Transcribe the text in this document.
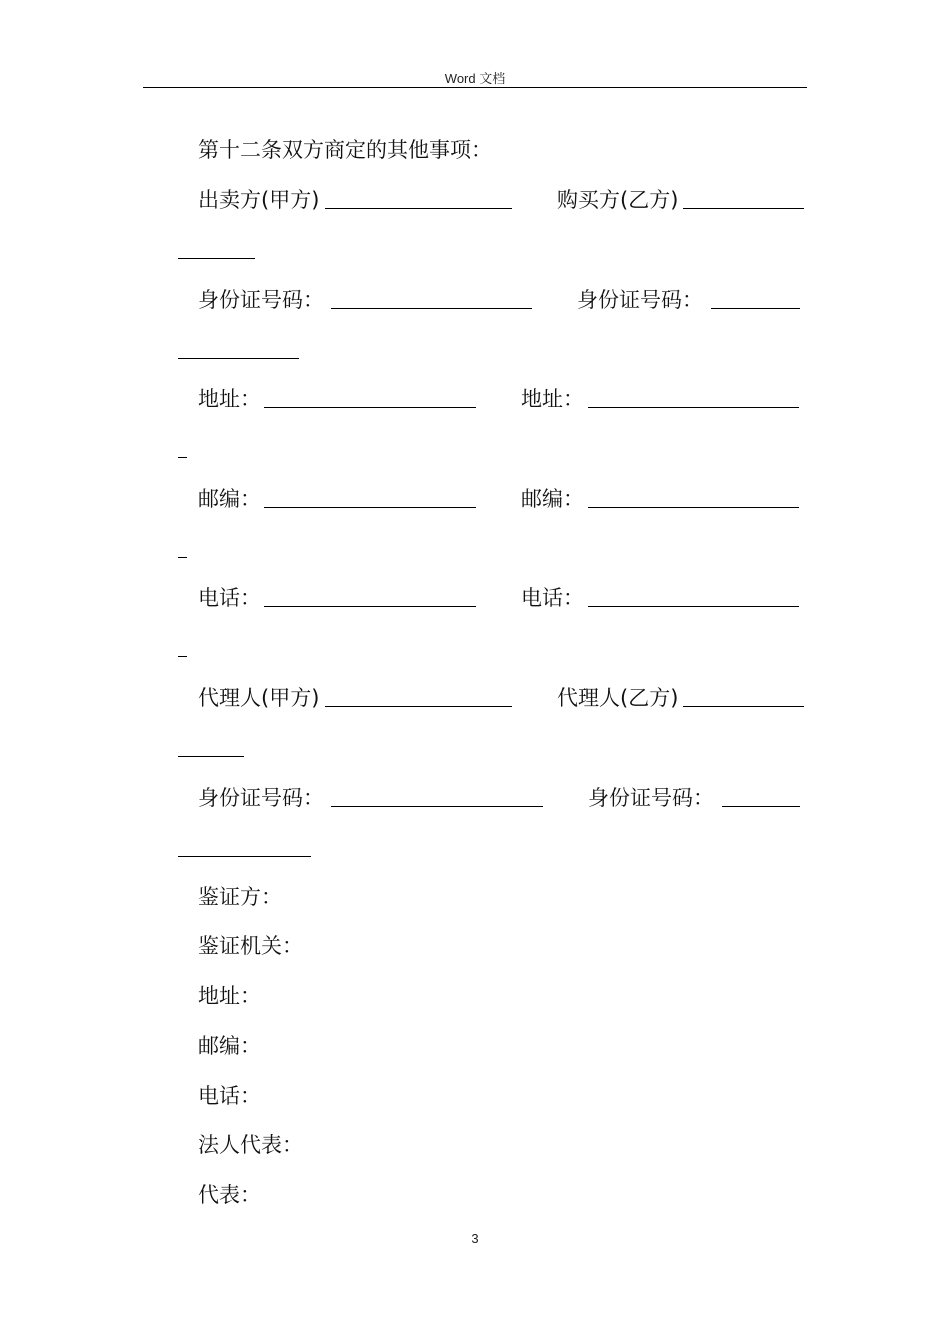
Word 文档
第十二条双方商定的其他事项：
出卖方(甲方)	购买方(乙方)
身份证号码：	身份证号码：
地址：	地址：
邮编：	邮编：
电话：	电话：
代理人(甲方)	代理人(乙方)
身份证号码：	身份证号码：
鉴证方：
鉴证机关：
地址：
邮编：
电话：
法人代表：
代表：
3
